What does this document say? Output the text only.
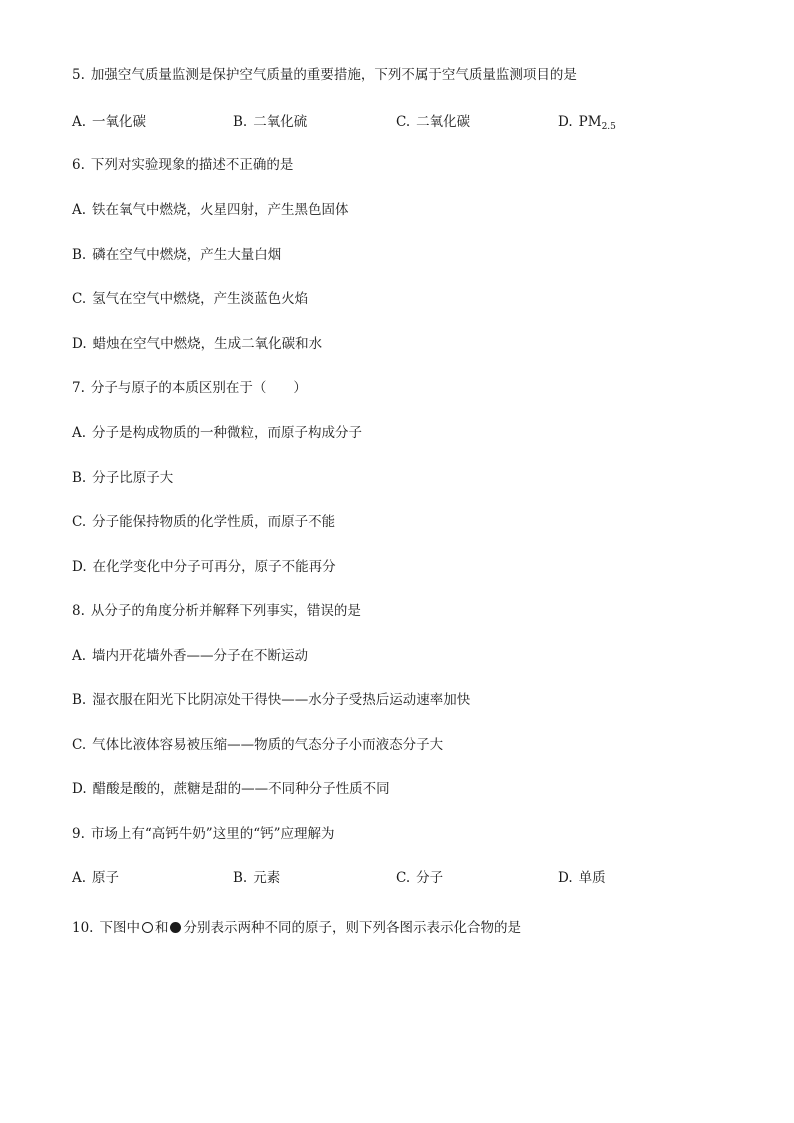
5. 加强空气质量监测是保护空气质量的重要措施，下列不属于空气质量监测项目的是
A. 一氧化碳	B. 二氧化硫	C. 二氧化碳	D. $PM_{2.5}$
6. 下列对实验现象的描述不正确的是
A. 铁在氧气中燃烧，火星四射，产生黑色固体
B. 磷在空气中燃烧，产生大量白烟
C. 氢气在空气中燃烧，产生淡蓝色火焰
D. 蜡烛在空气中燃烧，生成二氧化碳和水
7. 分子与原子的本质区别在于（　　）
A. 分子是构成物质的一种微粒，而原子构成分子
B. 分子比原子大
C. 分子能保持物质的化学性质，而原子不能
D. 在化学变化中分子可再分，原子不能再分
8. 从分子的角度分析并解释下列事实，错误的是
A. 墙内开花墙外香——分子在不断运动
B. 湿衣服在阳光下比阴凉处干得快——水分子受热后运动速率加快
C. 气体比液体容易被压缩——物质的气态分子小而液态分子大
D. 醋酸是酸的，蔗糖是甜的——不同种分子性质不同
9. 市场上有“高钙牛奶”这里的“钙”应理解为
A. 原子	B. 元素	C. 分子	D. 单质
10. 下图中 和 分别表示两种不同的原子，则下列各图示表示化合物的是
